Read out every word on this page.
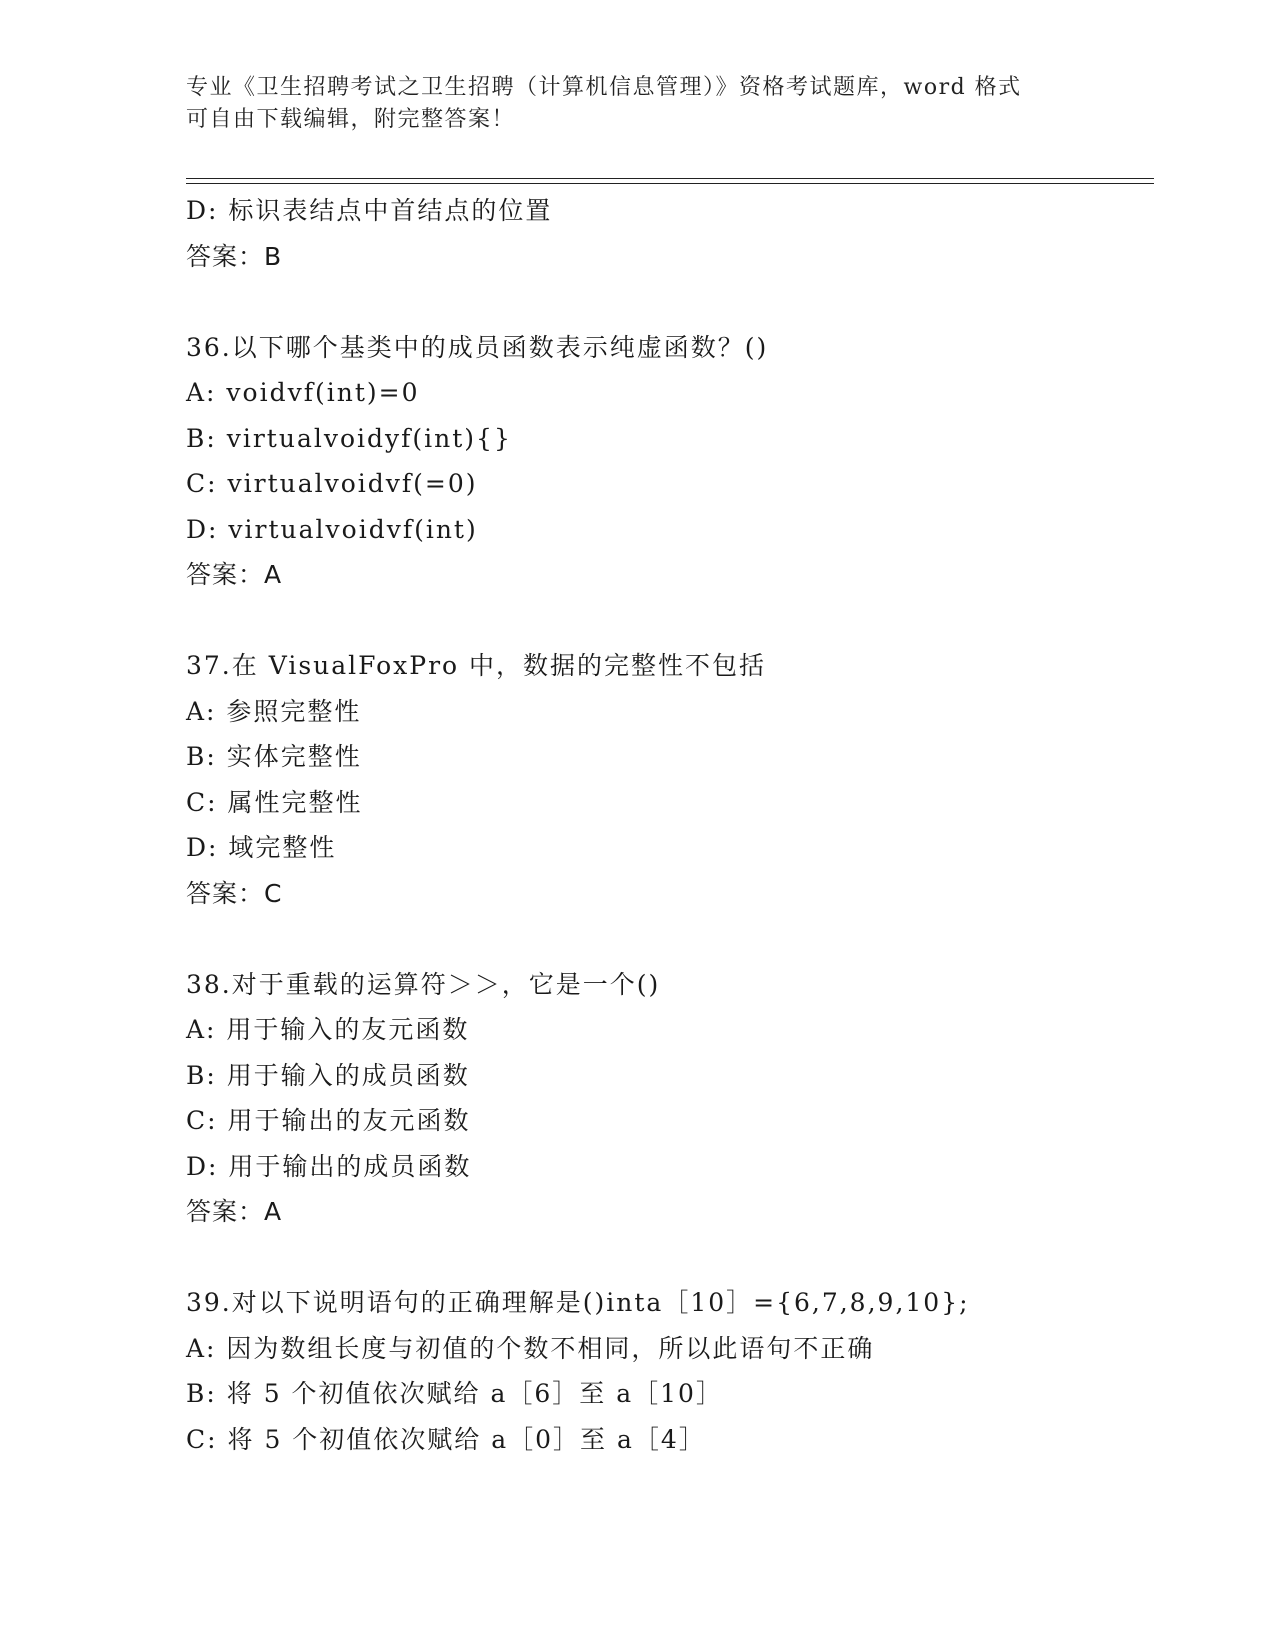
专业《卫生招聘考试之卫生招聘（计算机信息管理）》资格考试题库，word 格式
可自由下载编辑，附完整答案！
D: 标识表结点中首结点的位置
答案：B
36.以下哪个基类中的成员函数表示纯虚函数？()
A: voidvf(int)=0
B: virtualvoidyf(int){}
C: virtualvoidvf(=0)
D: virtualvoidvf(int)
答案：A
37.在 VisualFoxPro 中，数据的完整性不包括
A: 参照完整性
B: 实体完整性
C: 属性完整性
D: 域完整性
答案：C
38.对于重载的运算符＞＞，它是一个()
A: 用于输入的友元函数
B: 用于输入的成员函数
C: 用于输出的友元函数
D: 用于输出的成员函数
答案：A
39.对以下说明语句的正确理解是()inta［10］={6,7,8,9,10};
A: 因为数组长度与初值的个数不相同，所以此语句不正确
B: 将 5 个初值依次赋给 a［6］至 a［10］
C: 将 5 个初值依次赋给 a［0］至 a［4］
